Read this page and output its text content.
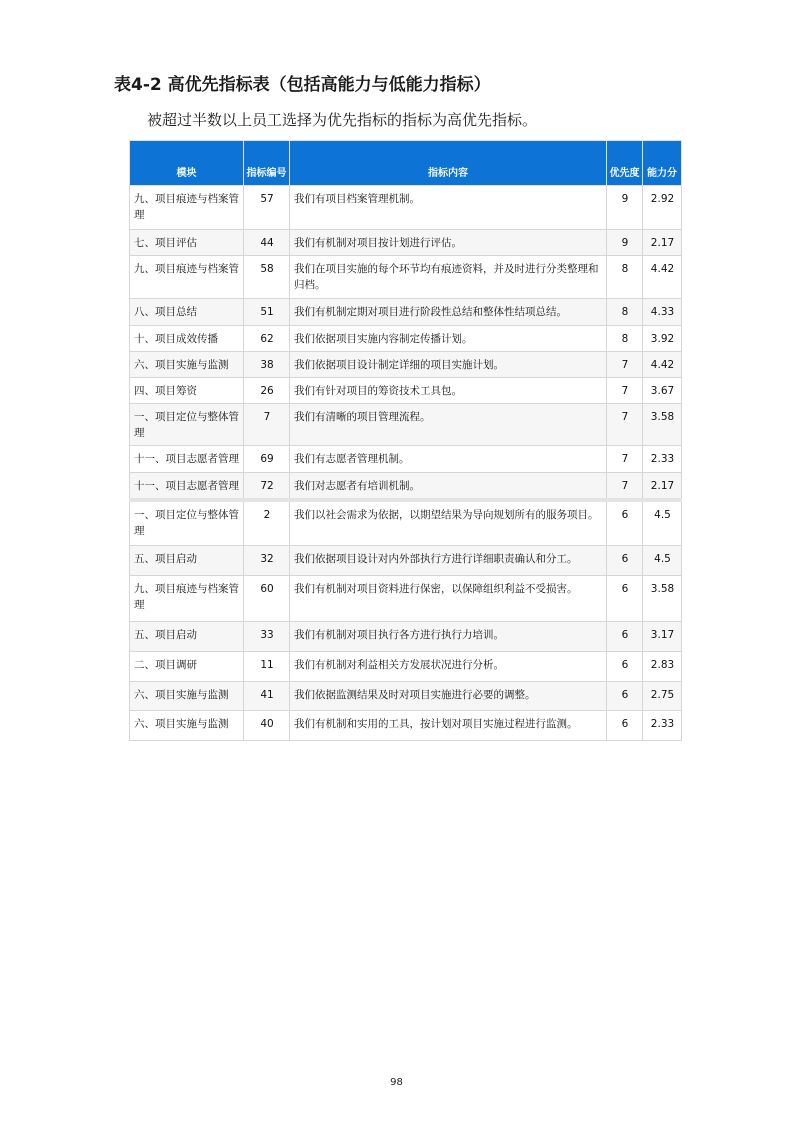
表4-2 高优先指标表（包括高能力与低能力指标）
被超过半数以上员工选择为优先指标的指标为高优先指标。
模块	指标编号	指标内容	优先度	能力分
九、项目痕迹与档案管理	57	我们有项目档案管理机制。	9	2.92
七、项目评估	44	我们有机制对项目按计划进行评估。	9	2.17
九、项目痕迹与档案管	58	我们在项目实施的每个环节均有痕迹资料，并及时进行分类整理和归档。	8	4.42
八、项目总结	51	我们有机制定期对项目进行阶段性总结和整体性结项总结。	8	4.33
十、项目成效传播	62	我们依据项目实施内容制定传播计划。	8	3.92
六、项目实施与监测	38	我们依据项目设计制定详细的项目实施计划。	7	4.42
四、项目筹资	26	我们有针对项目的筹资技术工具包。	7	3.67
一、项目定位与整体管理	7	我们有清晰的项目管理流程。	7	3.58
十一、项目志愿者管理	69	我们有志愿者管理机制。	7	2.33
十一、项目志愿者管理	72	我们对志愿者有培训机制。	7	2.17
一、项目定位与整体管理	2	我们以社会需求为依据，以期望结果为导向规划所有的服务项目。	6	4.5
五、项目启动	32	我们依据项目设计对内外部执行方进行详细职责确认和分工。	6	4.5
九、项目痕迹与档案管理	60	我们有机制对项目资料进行保密，以保障组织利益不受损害。	6	3.58
五、项目启动	33	我们有机制对项目执行各方进行执行力培训。	6	3.17
二、项目调研	11	我们有机制对利益相关方发展状况进行分析。	6	2.83
六、项目实施与监测	41	我们依据监测结果及时对项目实施进行必要的调整。	6	2.75
六、项目实施与监测	40	我们有机制和实用的工具，按计划对项目实施过程进行监测。	6	2.33
98
